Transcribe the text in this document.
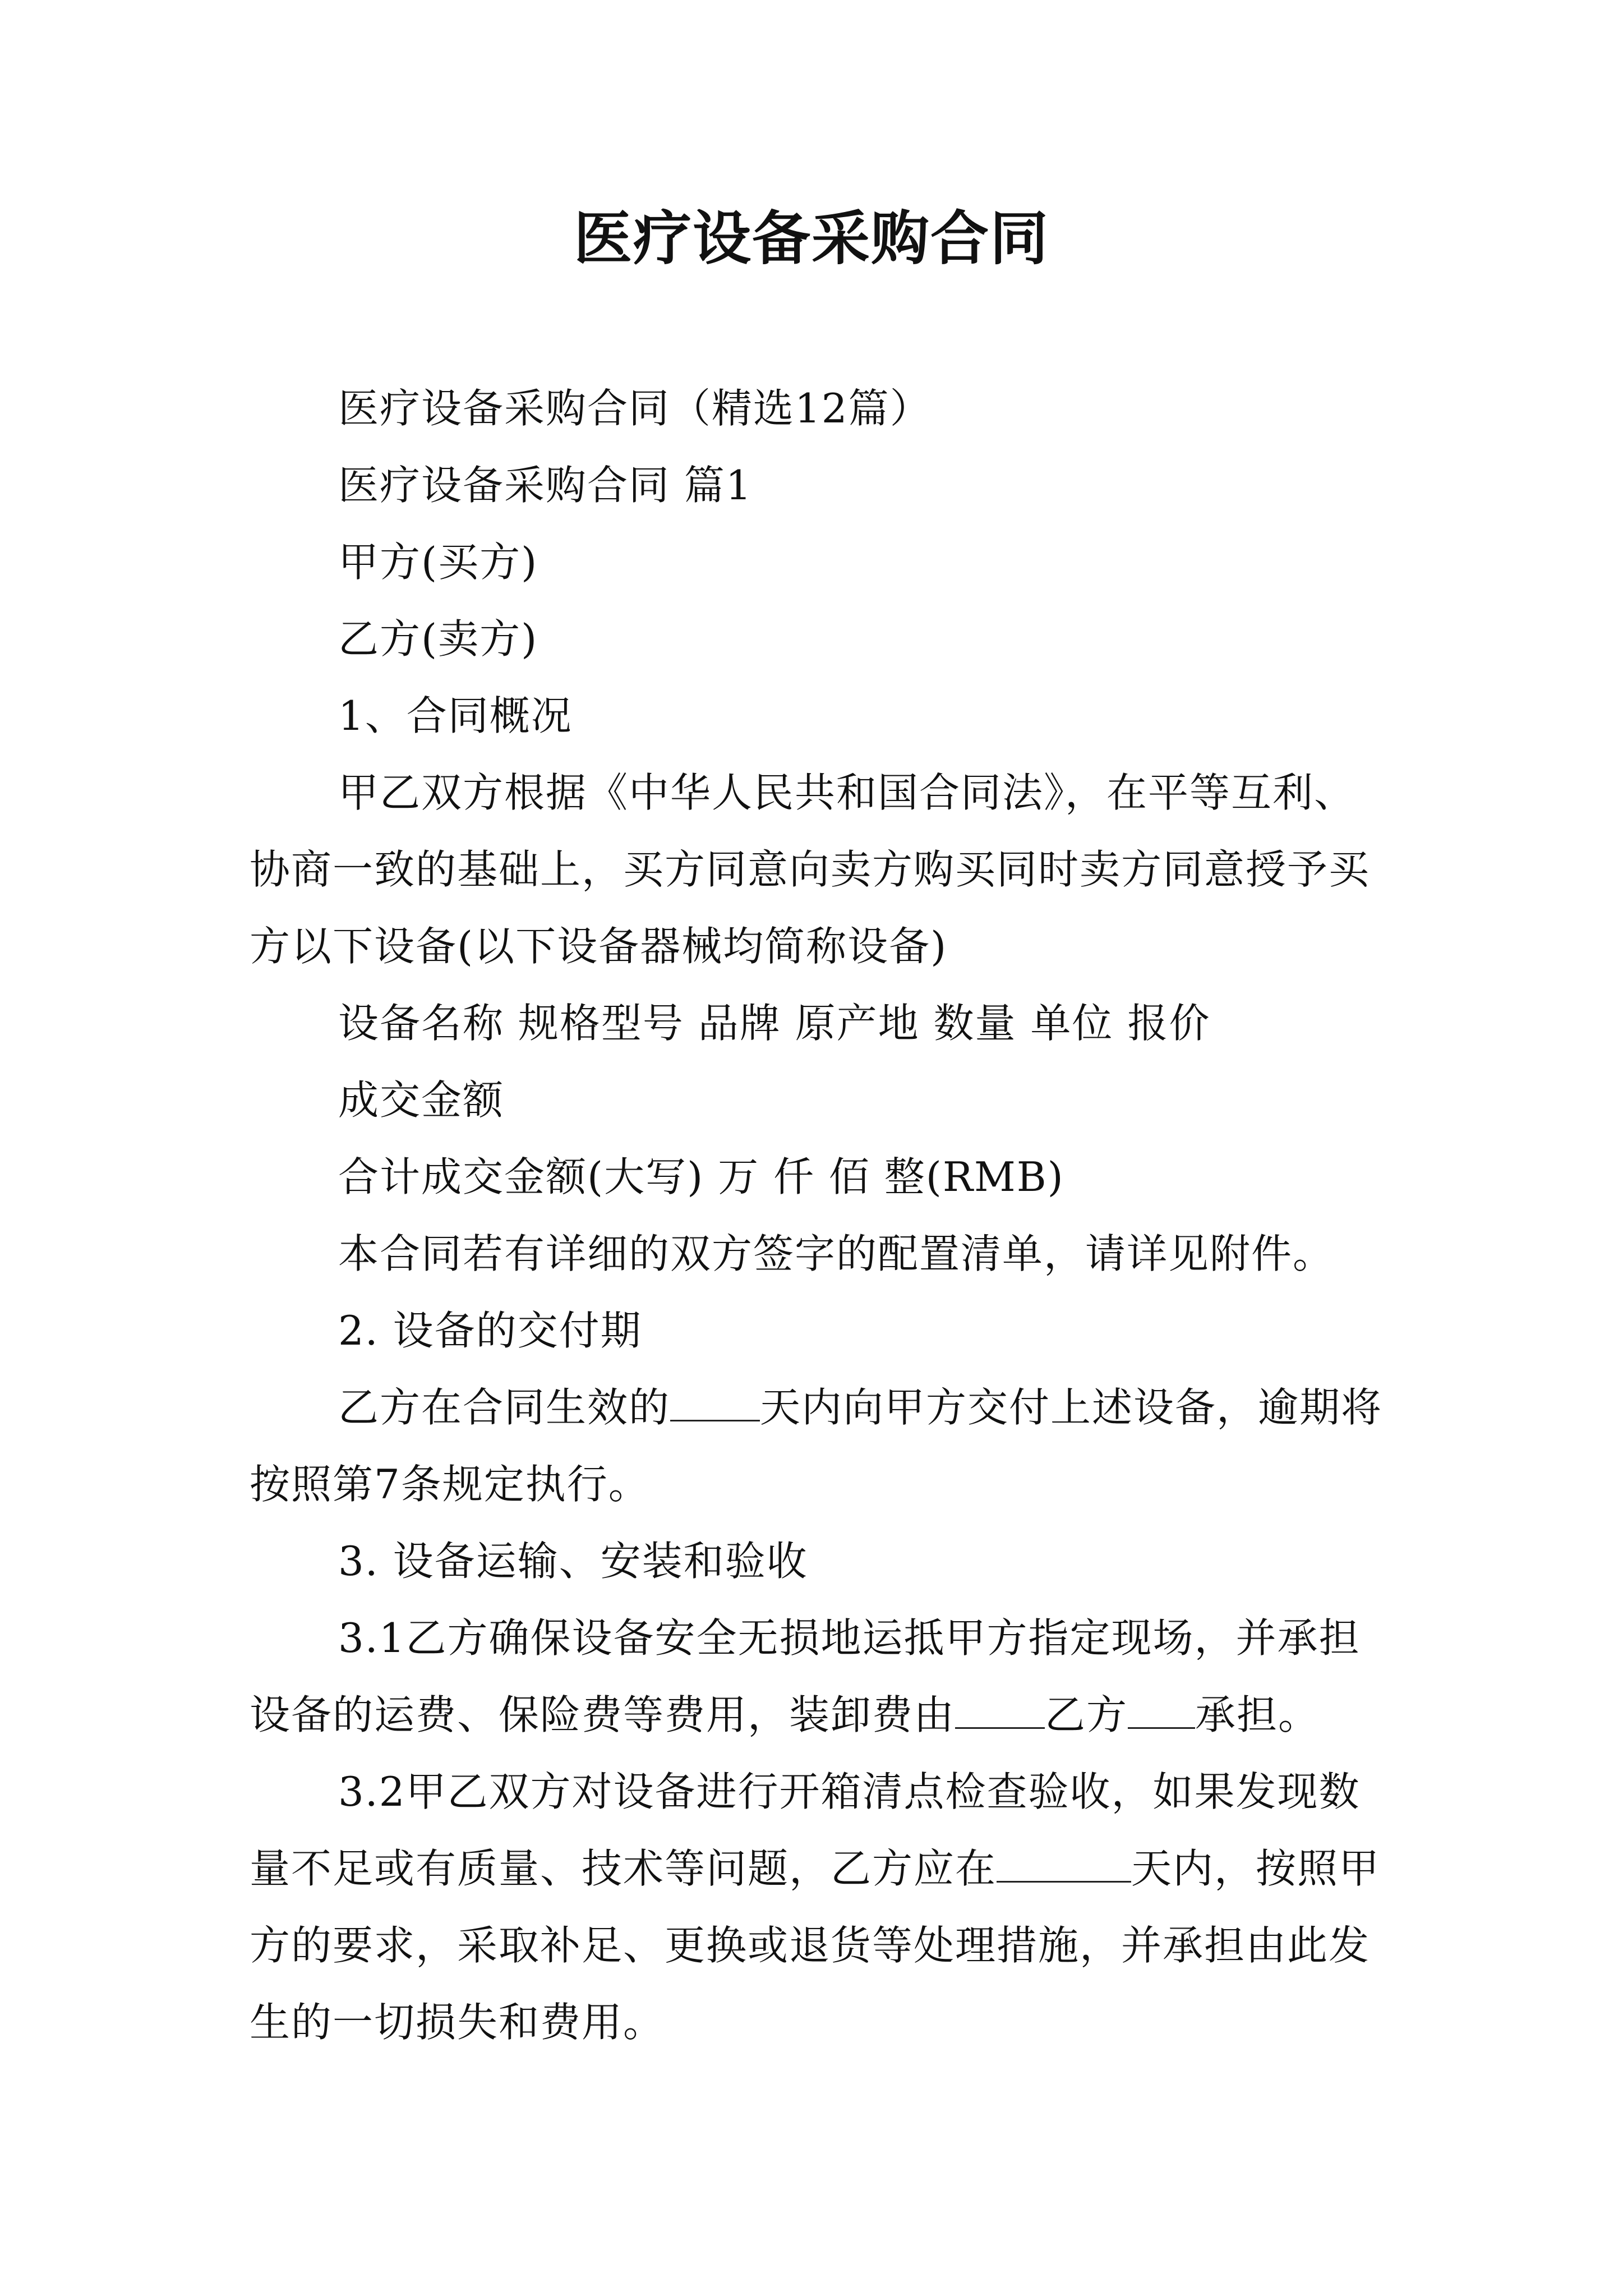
医疗设备采购合同

医疗设备采购合同（精选12篇）

医疗设备采购合同 篇1

甲方(买方)

乙方(卖方)

1、合同概况

甲乙双方根据《中华人民共和国合同法》，在平等互利、协商一致的基础上，买方同意向卖方购买同时卖方同意授予买方以下设备(以下设备器械均简称设备)

设备名称 规格型号 品牌 原产地 数量 单位 报价

成交金额

合计成交金额(大写) 万 仟 佰 整(RMB)

本合同若有详细的双方签字的配置清单，请详见附件。

2. 设备的交付期

乙方在合同生效的 天内向甲方交付上述设备，逾期将按照第7条规定执行。

3. 设备运输、安装和验收

3.1乙方确保设备安全无损地运抵甲方指定现场，并承担设备的运费、保险费等费用，装卸费由 乙方 承担。

3.2甲乙双方对设备进行开箱清点检查验收，如果发现数量不足或有质量、技术等问题，乙方应在	天内，按照甲方的要求，采取补足、更换或退货等处理措施，并承担由此发生的一切损失和费用。
